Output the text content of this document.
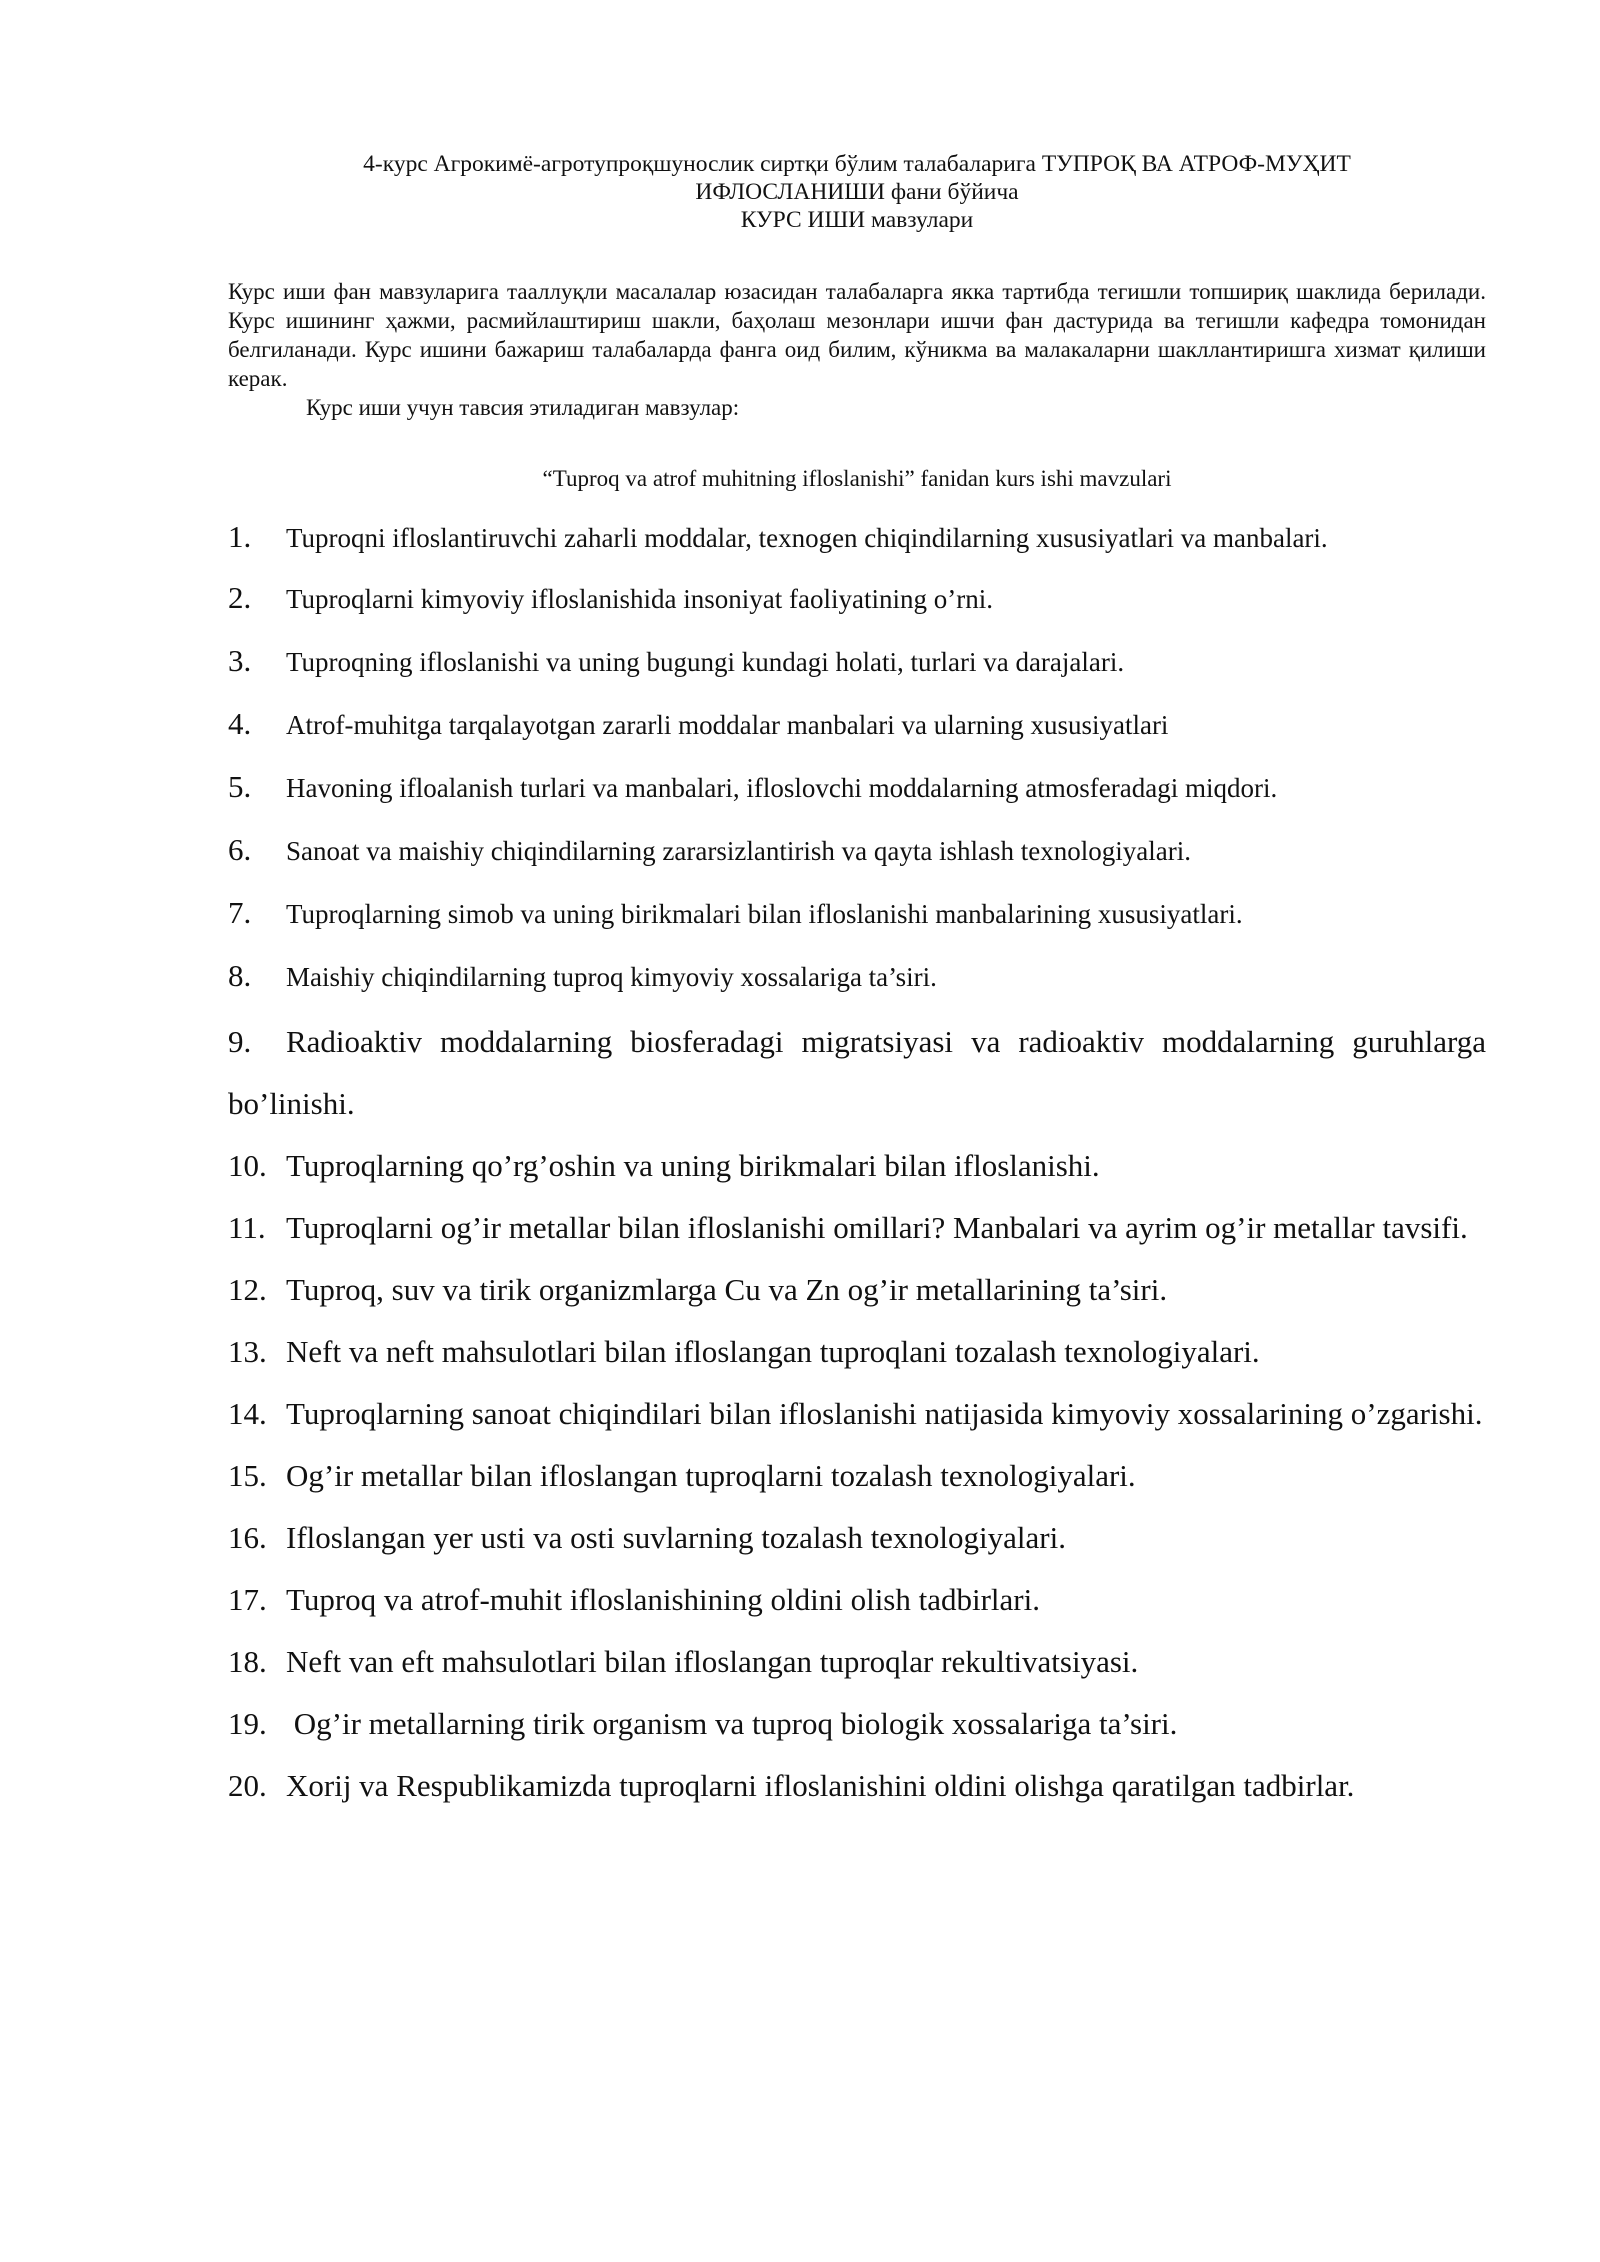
4-курс Агрокимё-агротупроқшунослик сиртқи бўлим талабаларига ТУПРОҚ ВА АТРОФ-МУҲИТ
ИФЛОСЛАНИШИ фани бўйича
КУРС ИШИ мавзулари
Курс иши фан мавзуларига тааллуқли масалалар юзасидан талабаларга якка тартибда тегишли топшириқ шаклида берилади. Курс ишининг ҳажми, расмийлаштириш шакли, баҳолаш мезонлари ишчи фан дастурида ва тегишли кафедра томонидан белгиланади. Курс ишини бажариш талабаларда фанга оид билим, кўникма ва малакаларни шакллантиришга хизмат қилиши керак.
Курс иши учун тавсия этиладиган мавзулар:
“Tuproq va atrof muhitning ifloslanishi” fanidan kurs ishi mavzulari
1. Tuproqni ifloslantiruvchi zaharli moddalar, texnogen chiqindilarning xususiyatlari va manbalari.
2. Tuproqlarni kimyoviy ifloslanishida insoniyat faoliyatining o’rni.
3. Tuproqning ifloslanishi va uning bugungi kundagi holati, turlari va darajalari.
4. Atrof-muhitga tarqalayotgan zararli moddalar manbalari va ularning xususiyatlari
5. Havoning ifloalanish turlari va manbalari, ifloslovchi moddalarning atmosferadagi miqdori.
6. Sanoat va maishiy chiqindilarning zararsizlantirish va qayta ishlash texnologiyalari.
7. Tuproqlarning simob va uning birikmalari bilan ifloslanishi manbalarining xususiyatlari.
8. Maishiy chiqindilarning tuproq kimyoviy xossalariga ta’siri.
9. Radioaktiv moddalarning biosferadagi migratsiyasi va radioaktiv moddalarning guruhlarga bo’linishi.
10. Tuproqlarning qo’rg’oshin va uning birikmalari bilan ifloslanishi.
11. Tuproqlarni og’ir metallar bilan ifloslanishi omillari? Manbalari va ayrim og’ir metallar tavsifi.
12. Tuproq, suv va tirik organizmlarga Cu va Zn og’ir metallarining ta’siri.
13. Neft va neft mahsulotlari bilan ifloslangan tuproqlani tozalash texnologiyalari.
14. Tuproqlarning sanoat chiqindilari bilan ifloslanishi natijasida kimyoviy xossalarining o’zgarishi.
15. Og’ir metallar bilan ifloslangan tuproqlarni tozalash texnologiyalari.
16. Ifloslangan yer usti va osti suvlarning tozalash texnologiyalari.
17. Tuproq va atrof-muhit ifloslanishining oldini olish tadbirlari.
18. Neft van eft mahsulotlari bilan ifloslangan tuproqlar rekultivatsiyasi.
19. Og’ir metallarning tirik organism va tuproq biologik xossalariga ta’siri.
20. Xorij va Respublikamizda tuproqlarni ifloslanishini oldini olishga qaratilgan tadbirlar.
